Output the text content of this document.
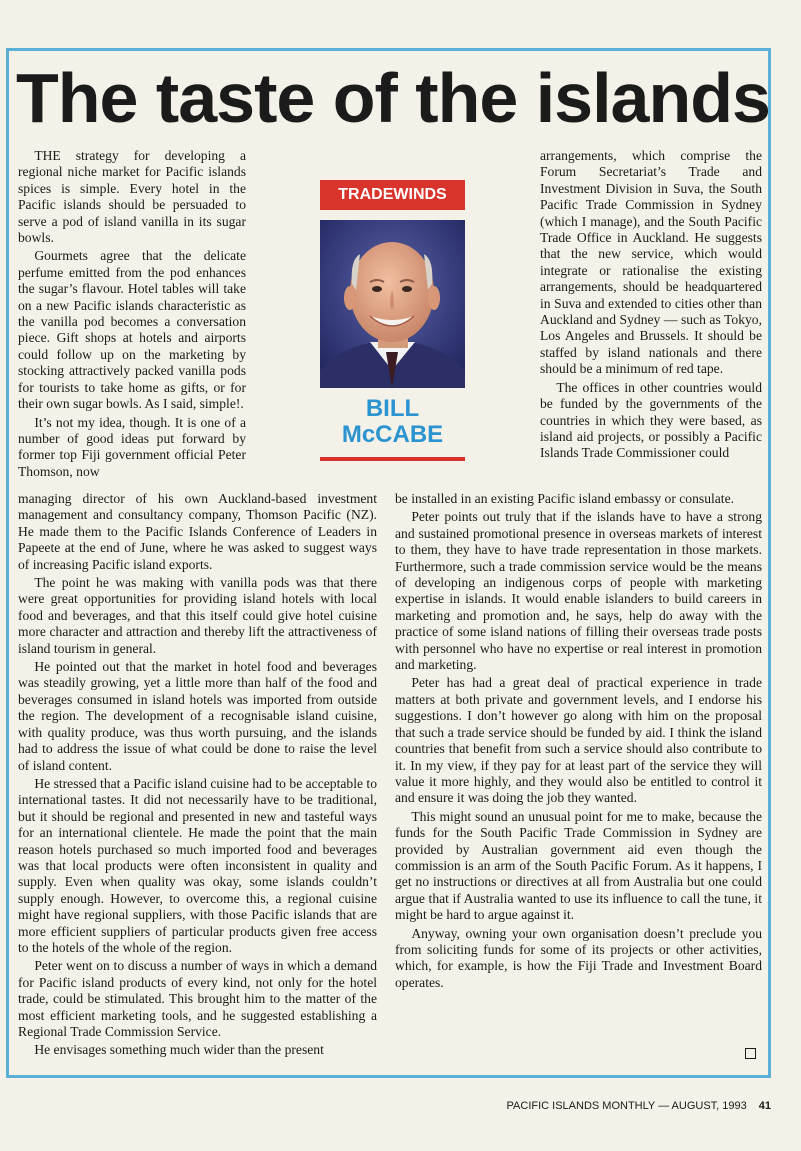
The taste of the islands

THE strategy for developing a regional niche market for Pacific islands spices is simple. Every hotel in the Pacific islands should be persuaded to serve a pod of island vanilla in its sugar bowls.

Gourmets agree that the delicate perfume emitted from the pod enhances the sugar’s flavour. Hotel tables will take on a new Pacific islands characteristic as the vanilla pod becomes a conversation piece. Gift shops at hotels and airports could follow up on the marketing by stocking attractively packed vanilla pods for tourists to take home as gifts, or for their own sugar bowls. As I said, simple!.

It’s not my idea, though. It is one of a number of good ideas put forward by former top Fiji government official Peter Thomson, now

TRADEWINDS
BILL
McCABE

managing director of his own Auckland-based investment management and consultancy company, Thomson Pacific (NZ). He made them to the Pacific Islands Conference of Leaders in Papeete at the end of June, where he was asked to suggest ways of increasing Pacific island exports.

The point he was making with vanilla pods was that there were great opportunities for providing island hotels with local food and beverages, and that this itself could give hotel cuisine more character and attraction and thereby lift the attractiveness of island tourism in general.

He pointed out that the market in hotel food and beverages was steadily growing, yet a little more than half of the food and beverages consumed in island hotels was imported from outside the region. The development of a recognisable island cuisine, with quality produce, was thus worth pursuing, and the islands had to address the issue of what could be done to raise the level of island content.

He stressed that a Pacific island cuisine had to be acceptable to international tastes. It did not necessarily have to be traditional, but it should be regional and presented in new and tasteful ways for an international clientele. He made the point that the main reason hotels purchased so much imported food and beverages was that local products were often inconsistent in quality and supply. Even when quality was okay, some islands couldn’t supply enough. However, to overcome this, a regional cuisine might have regional suppliers, with those Pacific islands that are more efficient suppliers of particular products given free access to the hotels of the whole of the region.

Peter went on to discuss a number of ways in which a demand for Pacific island products of every kind, not only for the hotel trade, could be stimulated. This brought him to the matter of the most efficient marketing tools, and he suggested establishing a Regional Trade Commission Service.

He envisages something much wider than the present

arrangements, which comprise the Forum Secretariat’s Trade and Investment Division in Suva, the South Pacific Trade Commission in Sydney (which I manage), and the South Pacific Trade Office in Auckland. He suggests that the new service, which would integrate or rationalise the existing arrangements, should be headquartered in Suva and extended to cities other than Auckland and Sydney — such as Tokyo, Los Angeles and Brussels. It should be staffed by island nationals and there should be a minimum of red tape.

The offices in other countries would be funded by the governments of the countries in which they were based, as island aid projects, or possibly a Pacific Islands Trade Commissioner could

be installed in an existing Pacific island embassy or consulate.

Peter points out truly that if the islands have to have a strong and sustained promotional presence in overseas markets of interest to them, they have to have trade representation in those markets. Furthermore, such a trade commission service would be the means of developing an indigenous corps of people with marketing expertise in islands. It would enable islanders to build careers in marketing and promotion and, he says, help do away with the practice of some island nations of filling their overseas trade posts with personnel who have no expertise or real interest in promotion and marketing.

Peter has had a great deal of practical experience in trade matters at both private and government levels, and I endorse his suggestions. I don’t however go along with him on the proposal that such a trade service should be funded by aid. I think the island countries that benefit from such a service should also contribute to it. In my view, if they pay for at least part of the service they will value it more highly, and they would also be entitled to control it and ensure it was doing the job they wanted.

This might sound an unusual point for me to make, because the funds for the South Pacific Trade Commission in Sydney are provided by Australian government aid even though the commission is an arm of the South Pacific Forum. As it happens, I get no instructions or directives at all from Australia but one could argue that if Australia wanted to use its influence to call the tune, it might be hard to argue against it.

Anyway, owning your own organisation doesn’t preclude you from soliciting funds for some of its projects or other activities, which, for example, is how the Fiji Trade and Investment Board operates.

PACIFIC ISLANDS MONTHLY — AUGUST, 1993 41
